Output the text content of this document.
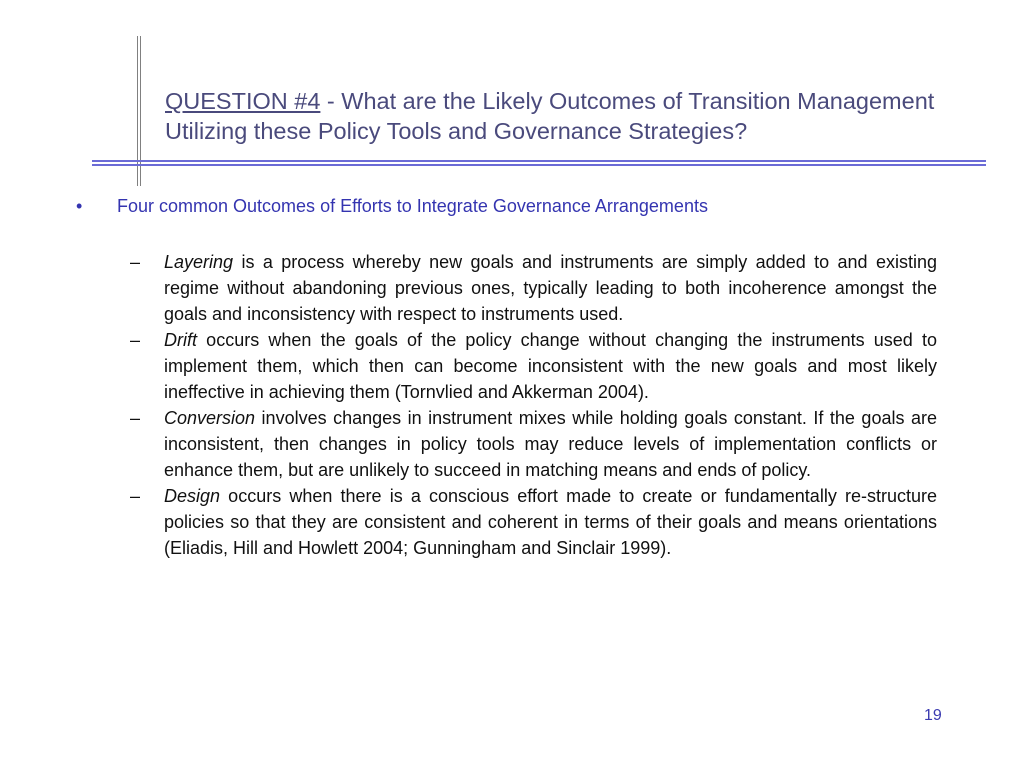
QUESTION #4 - What are the Likely Outcomes of Transition Management Utilizing these Policy Tools and Governance Strategies?
• Four common Outcomes of Efforts to Integrate Governance Arrangements
– Layering is a process whereby new goals and instruments are simply added to and existing regime without abandoning previous ones, typically leading to both incoherence amongst the goals and inconsistency with respect to instruments used.
– Drift occurs when the goals of the policy change without changing the instruments used to implement them, which then can become inconsistent with the new goals and most likely ineffective in achieving them (Tornvlied and Akkerman 2004).
– Conversion involves changes in instrument mixes while holding goals constant. If the goals are inconsistent, then changes in policy tools may reduce levels of implementation conflicts or enhance them, but are unlikely to succeed in matching means and ends of policy.
– Design occurs when there is a conscious effort made to create or fundamentally re-structure policies so that they are consistent and coherent in terms of their goals and means orientations (Eliadis, Hill and Howlett 2004; Gunningham and Sinclair 1999).
19
